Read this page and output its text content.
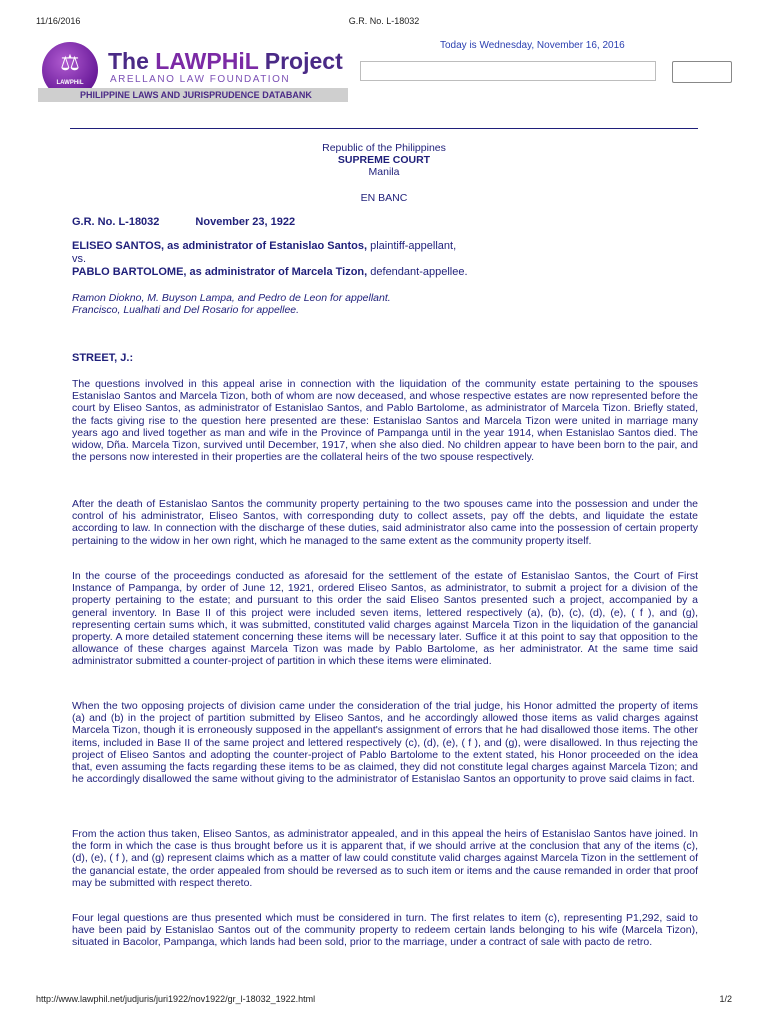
11/16/2016	G.R. No. L-18032
⚖
LAWPHiL
The LAWPHiL Project
ARELLANO LAW FOUNDATION
PHILIPPINE LAWS AND JURISPRUDENCE DATABANK
Today is Wednesday, November 16, 2016
Republic of the Philippines
SUPREME COURT
Manila
EN BANC
G.R. No. L-18032	November 23, 1922
ELISEO SANTOS, as administrator of Estanislao Santos, plaintiff-appellant,
vs.
PABLO BARTOLOME, as administrator of Marcela Tizon, defendant-appellee.
Ramon Diokno, M. Buyson Lampa, and Pedro de Leon for appellant.
Francisco, Lualhati and Del Rosario for appellee.
STREET, J.:

The questions involved in this appeal arise in connection with the liquidation of the community estate pertaining to the spouses Estanislao Santos and Marcela Tizon, both of whom are now deceased, and whose respective estates are now represented before the court by Eliseo Santos, as administrator of Estanislao Santos, and Pablo Bartolome, as administrator of Marcela Tizon. Briefly stated, the facts giving rise to the question here presented are these: Estanislao Santos and Marcela Tizon were united in marriage many years ago and lived together as man and wife in the Province of Pampanga until in the year 1914, when Estanislao Santos died. The widow, Dña. Marcela Tizon, survived until December, 1917, when she also died. No children appear to have been born to the pair, and the persons now interested in their properties are the collateral heirs of the two spouse respectively.

After the death of Estanislao Santos the community property pertaining to the two spouses came into the possession and under the control of his administrator, Eliseo Santos, with corresponding duty to collect assets, pay off the debts, and liquidate the estate according to law. In connection with the discharge of these duties, said administrator also came into the possession of certain property pertaining to the widow in her own right, which he managed to the same extent as the community property itself.

In the course of the proceedings conducted as aforesaid for the settlement of the estate of Estanislao Santos, the Court of First Instance of Pampanga, by order of June 12, 1921, ordered Eliseo Santos, as administrator, to submit a project for a division of the property pertaining to the estate; and pursuant to this order the said Eliseo Santos presented such a project, accompanied by a general inventory. In Base II of this project were included seven items, lettered respectively (a), (b), (c), (d), (e), ( f ), and (g), representing certain sums which, it was submitted, constituted valid charges against Marcela Tizon in the liquidation of the ganancial property. A more detailed statement concerning these items will be necessary later. Suffice it at this point to say that opposition to the allowance of these charges against Marcela Tizon was made by Pablo Bartolome, as her administrator. At the same time said administrator submitted a counter-project of partition in which these items were eliminated.

When the two opposing projects of division came under the consideration of the trial judge, his Honor admitted the property of items (a) and (b) in the project of partition submitted by Eliseo Santos, and he accordingly allowed those items as valid charges against Marcela Tizon, though it is erroneously supposed in the appellant's assignment of errors that he had disallowed those items. The other items, included in Base II of the same project and lettered respectively (c), (d), (e), ( f ), and (g), were disallowed. In thus rejecting the project of Eliseo Santos and adopting the counter-project of Pablo Bartolome to the extent stated, his Honor proceeded on the idea that, even assuming the facts regarding these items to be as claimed, they did not constitute legal charges against Marcela Tizon; and he accordingly disallowed the same without giving to the administrator of Estanislao Santos an opportunity to prove said claims in fact.

From the action thus taken, Eliseo Santos, as administrator appealed, and in this appeal the heirs of Estanislao Santos have joined. In the form in which the case is thus brought before us it is apparent that, if we should arrive at the conclusion that any of the items (c), (d), (e), ( f ), and (g) represent claims which as a matter of law could constitute valid charges against Marcela Tizon in the settlement of the ganancial estate, the order appealed from should be reversed as to such item or items and the cause remanded in order that proof may be submitted with respect thereto.

Four legal questions are thus presented which must be considered in turn. The first relates to item (c), representing P1,292, said to have been paid by Estanislao Santos out of the community property to redeem certain lands belonging to his wife (Marcela Tizon), situated in Bacolor, Pampanga, which lands had been sold, prior to the marriage, under a contract of sale with pacto de retro.

http://www.lawphil.net/judjuris/juri1922/nov1922/gr_l-18032_1922.html	1/2
